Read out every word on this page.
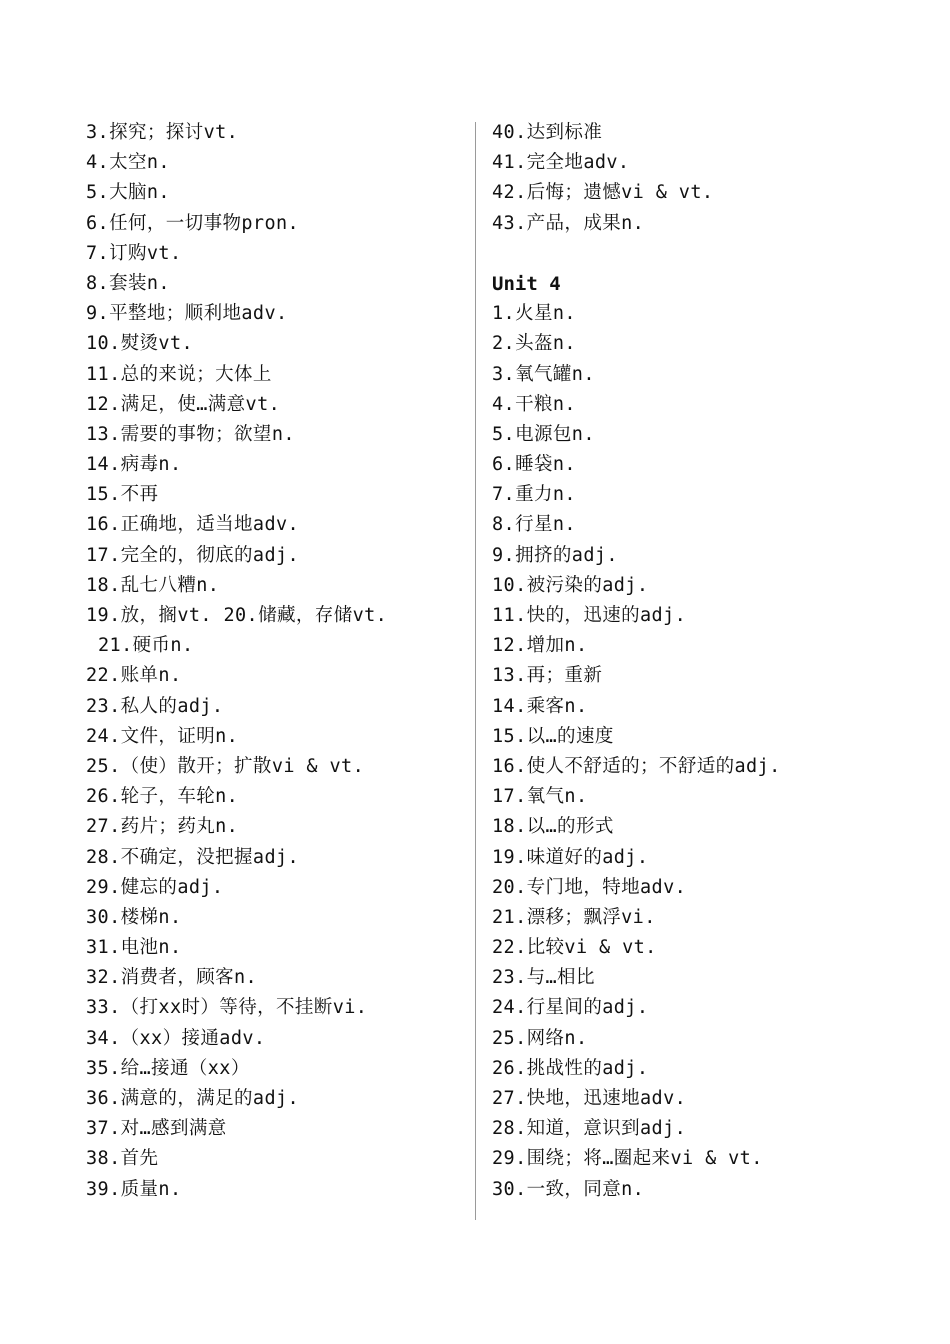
3.探究；探讨vt.
4.太空n.
5.大脑n.
6.任何，一切事物pron.
7.订购vt.
8.套装n.
9.平整地；顺利地adv.
10.熨烫vt.
11.总的来说；大体上
12.满足，使…满意vt.
13.需要的事物；欲望n.
14.病毒n.
15.不再
16.正确地，适当地adv.
17.完全的，彻底的adj.
18.乱七八糟n.
19.放，搁vt. 20.储藏，存储vt.
21.硬币n.
22.账单n.
23.私人的adj.
24.文件，证明n.
25.（使）散开；扩散vi & vt.
26.轮子，车轮n.
27.药片；药丸n.
28.不确定，没把握adj.
29.健忘的adj.
30.楼梯n.
31.电池n.
32.消费者，顾客n.
33.（打xx时）等待，不挂断vi.
34.（xx）接通adv.
35.给…接通（xx）
36.满意的，满足的adj.
37.对…感到满意
38.首先
39.质量n.
40.达到标准
41.完全地adv.
42.后悔；遗憾vi & vt.
43.产品，成果n.
Unit 4
1.火星n.
2.头盔n.
3.氧气罐n.
4.干粮n.
5.电源包n.
6.睡袋n.
7.重力n.
8.行星n.
9.拥挤的adj.
10.被污染的adj.
11.快的，迅速的adj.
12.增加n.
13.再；重新
14.乘客n.
15.以…的速度
16.使人不舒适的；不舒适的adj.
17.氧气n.
18.以…的形式
19.味道好的adj.
20.专门地，特地adv.
21.漂移；飘浮vi.
22.比较vi & vt.
23.与…相比
24.行星间的adj.
25.网络n.
26.挑战性的adj.
27.快地，迅速地adv.
28.知道，意识到adj.
29.围绕；将…圈起来vi & vt.
30.一致，同意n.
